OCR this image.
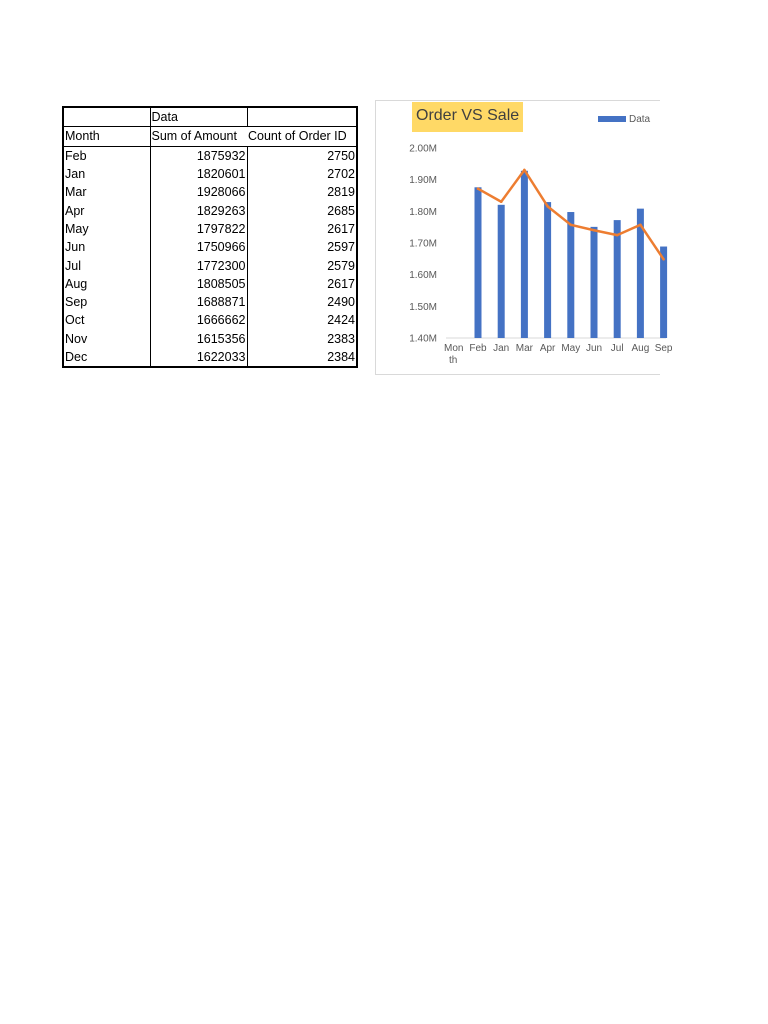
	Data	
Month	Sum of Amount	Count of Order ID
Feb	1875932	2750
Jan	1820601	2702
Mar	1928066	2819
Apr	1829263	2685
May	1797822	2617
Jun	1750966	2597
Jul	1772300	2579
Aug	1808505	2617
Sep	1688871	2490
Oct	1666662	2424
Nov	1615356	2383
Dec	1622033	2384
Order VS Sale	Data
2.00M
1.90M
1.80M
1.70M
1.60M
1.50M
1.40M
Mon
th
Feb Jan Mar Apr May Jun Jul Aug Sep
